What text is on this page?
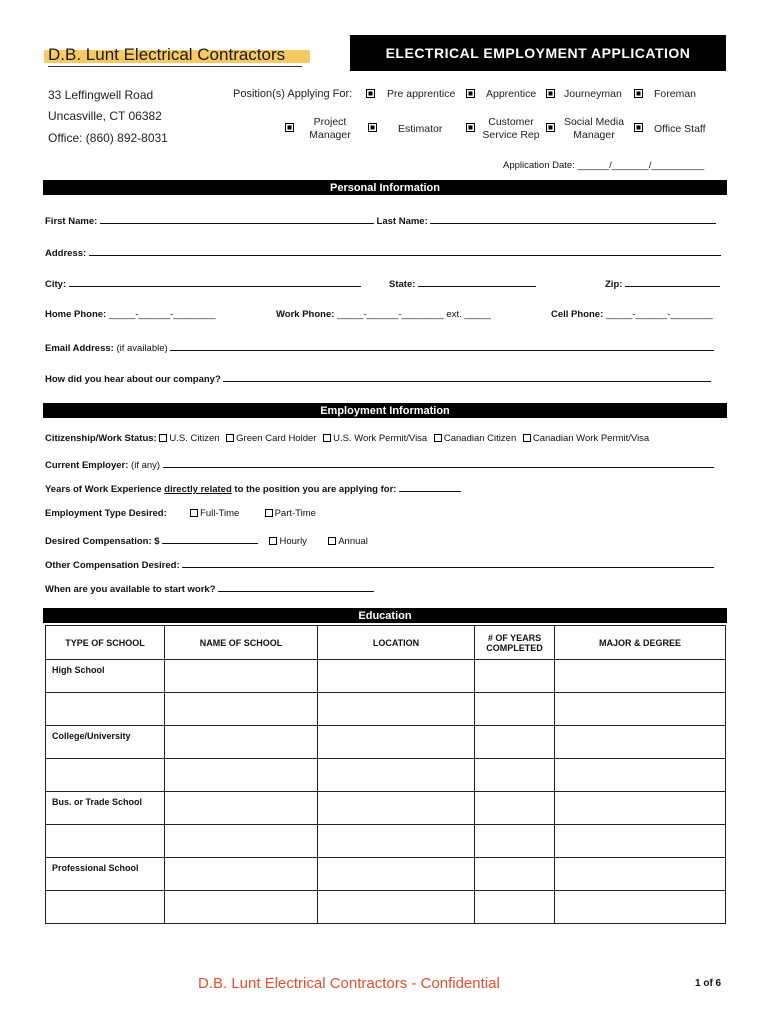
D.B. Lunt Electrical Contractors	ELECTRICAL EMPLOYMENT APPLICATION
33 Leffingwell Road
Uncasville, CT 06382
Office: (860) 892-8031
Position(s) Applying For:	Pre apprentice	Apprentice	Journeyman	Foreman
Project
Manager	Estimator
Customer
Service Rep
Social Media
Manager	Office Staff
Application Date: ______/_______/__________
Personal Information
First Name:	Last Name:
Address:
City:	State:	Zip:
Home Phone: _____-______-________	Work Phone: _____-______-________ ext. _____	Cell Phone: _____-______-________
Email Address: (if available)
How did you hear about our company?
Employment Information
Citizenship/Work Status: U.S. Citizen Green Card Holder U.S. Work Permit/Visa Canadian Citizen Canadian Work Permit/Visa
Current Employer: (if any)
Years of Work Experience directly related to the position you are applying for:
Employment Type Desired:	Full-Time	Part-Time
Desired Compensation: $	Hourly	Annual
Other Compensation Desired:
When are you available to start work?
Education
TYPE OF SCHOOL	NAME OF SCHOOL	LOCATION	# OF YEARS COMPLETED	MAJOR & DEGREE
High School				

College/University				

Bus. or Trade School				

Professional School				

D.B. Lunt Electrical Contractors - Confidential	1 of 6
